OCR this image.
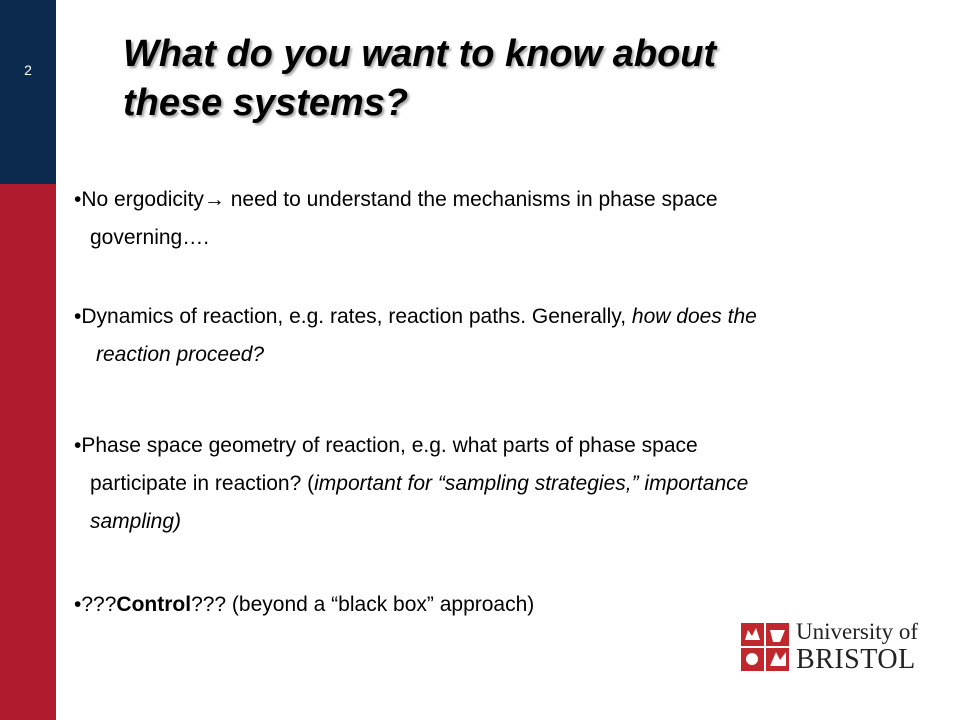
2	What do you want to know about
these systems?
•No ergodicity→ need to understand the mechanisms in phase space
governing….
•Dynamics of reaction, e.g. rates, reaction paths. Generally, how does the
reaction proceed?
•Phase space geometry of reaction, e.g. what parts of phase space
participate in reaction? (important for “sampling strategies,” importance
sampling)
•???Control??? (beyond a “black box” approach)
University of
BRISTOL
